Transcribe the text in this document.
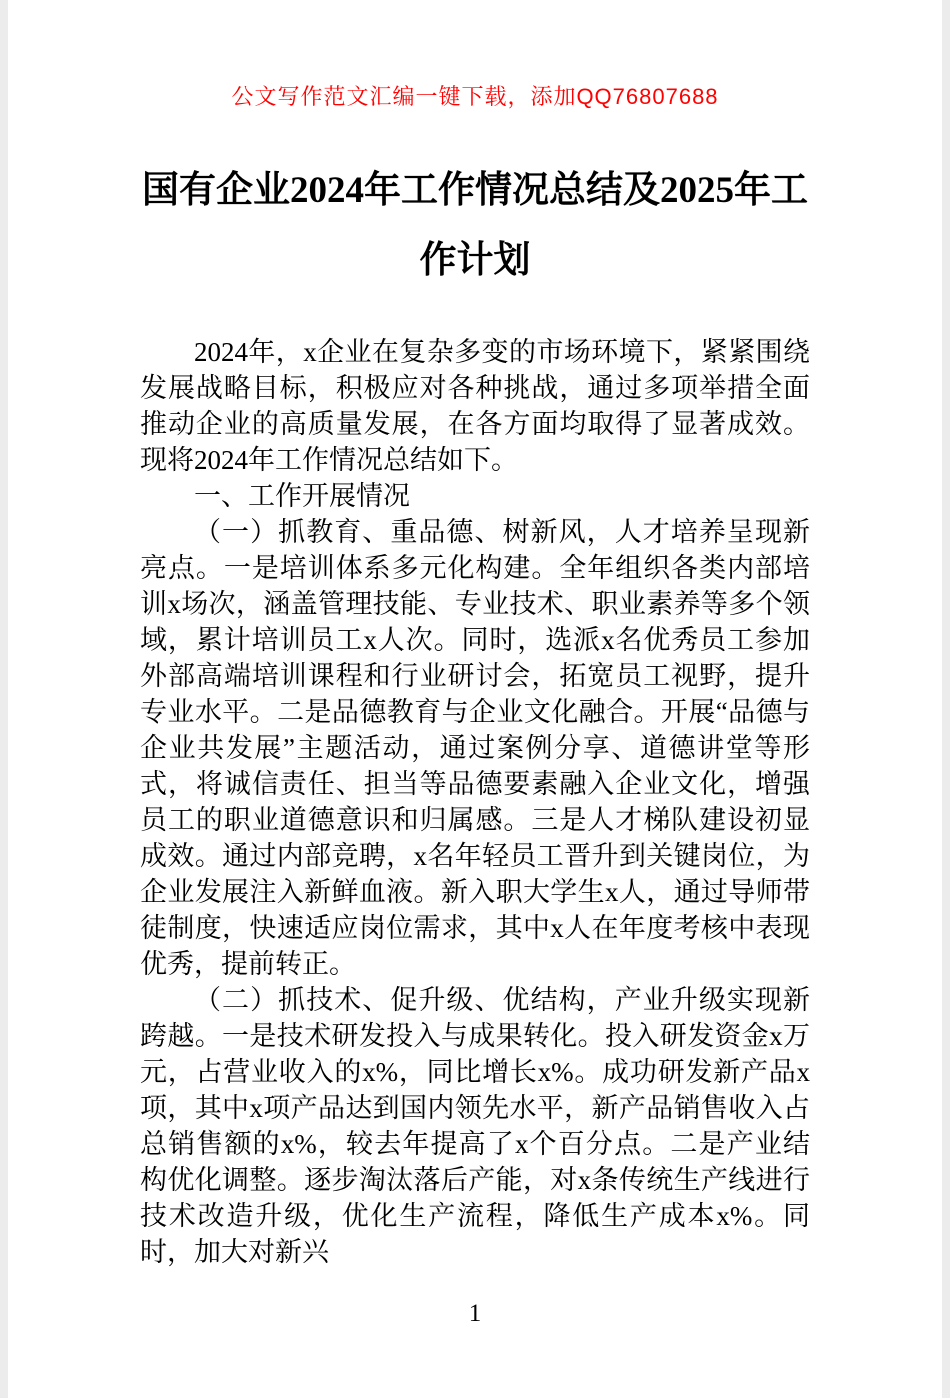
公文写作范文汇编一键下载，添加QQ76807688
国有企业2024年工作情况总结及2025年工作计划

2024年，x企业在复杂多变的市场环境下，紧紧围绕发展战略目标，积极应对各种挑战，通过多项举措全面推动企业的高质量发展，在各方面均取得了显著成效。现将2024年工作情况总结如下。

一、工作开展情况

（一）抓教育、重品德、树新风，人才培养呈现新亮点。一是培训体系多元化构建。全年组织各类内部培训x场次，涵盖管理技能、专业技术、职业素养等多个领域，累计培训员工x人次。同时，选派x名优秀员工参加外部高端培训课程和行业研讨会，拓宽员工视野，提升专业水平。二是品德教育与企业文化融合。开展“品德与企业共发展”主题活动，通过案例分享、道德讲堂等形式，将诚信责任、担当等品德要素融入企业文化，增强员工的职业道德意识和归属感。三是人才梯队建设初显成效。通过内部竞聘，x名年轻员工晋升到关键岗位，为企业发展注入新鲜血液。新入职大学生x人，通过导师带徒制度，快速适应岗位需求，其中x人在年度考核中表现优秀，提前转正。

（二）抓技术、促升级、优结构，产业升级实现新跨越。一是技术研发投入与成果转化。投入研发资金x万元，占营业收入的x%，同比增长x%。成功研发新产品x项，其中x项产品达到国内领先水平，新产品销售收入占总销售额的x%，较去年提高了x个百分点。二是产业结构优化调整。逐步淘汰落后产能，对x条传统生产线进行技术改造升级，优化生产流程，降低生产成本x%。同时，加大对新兴

1
